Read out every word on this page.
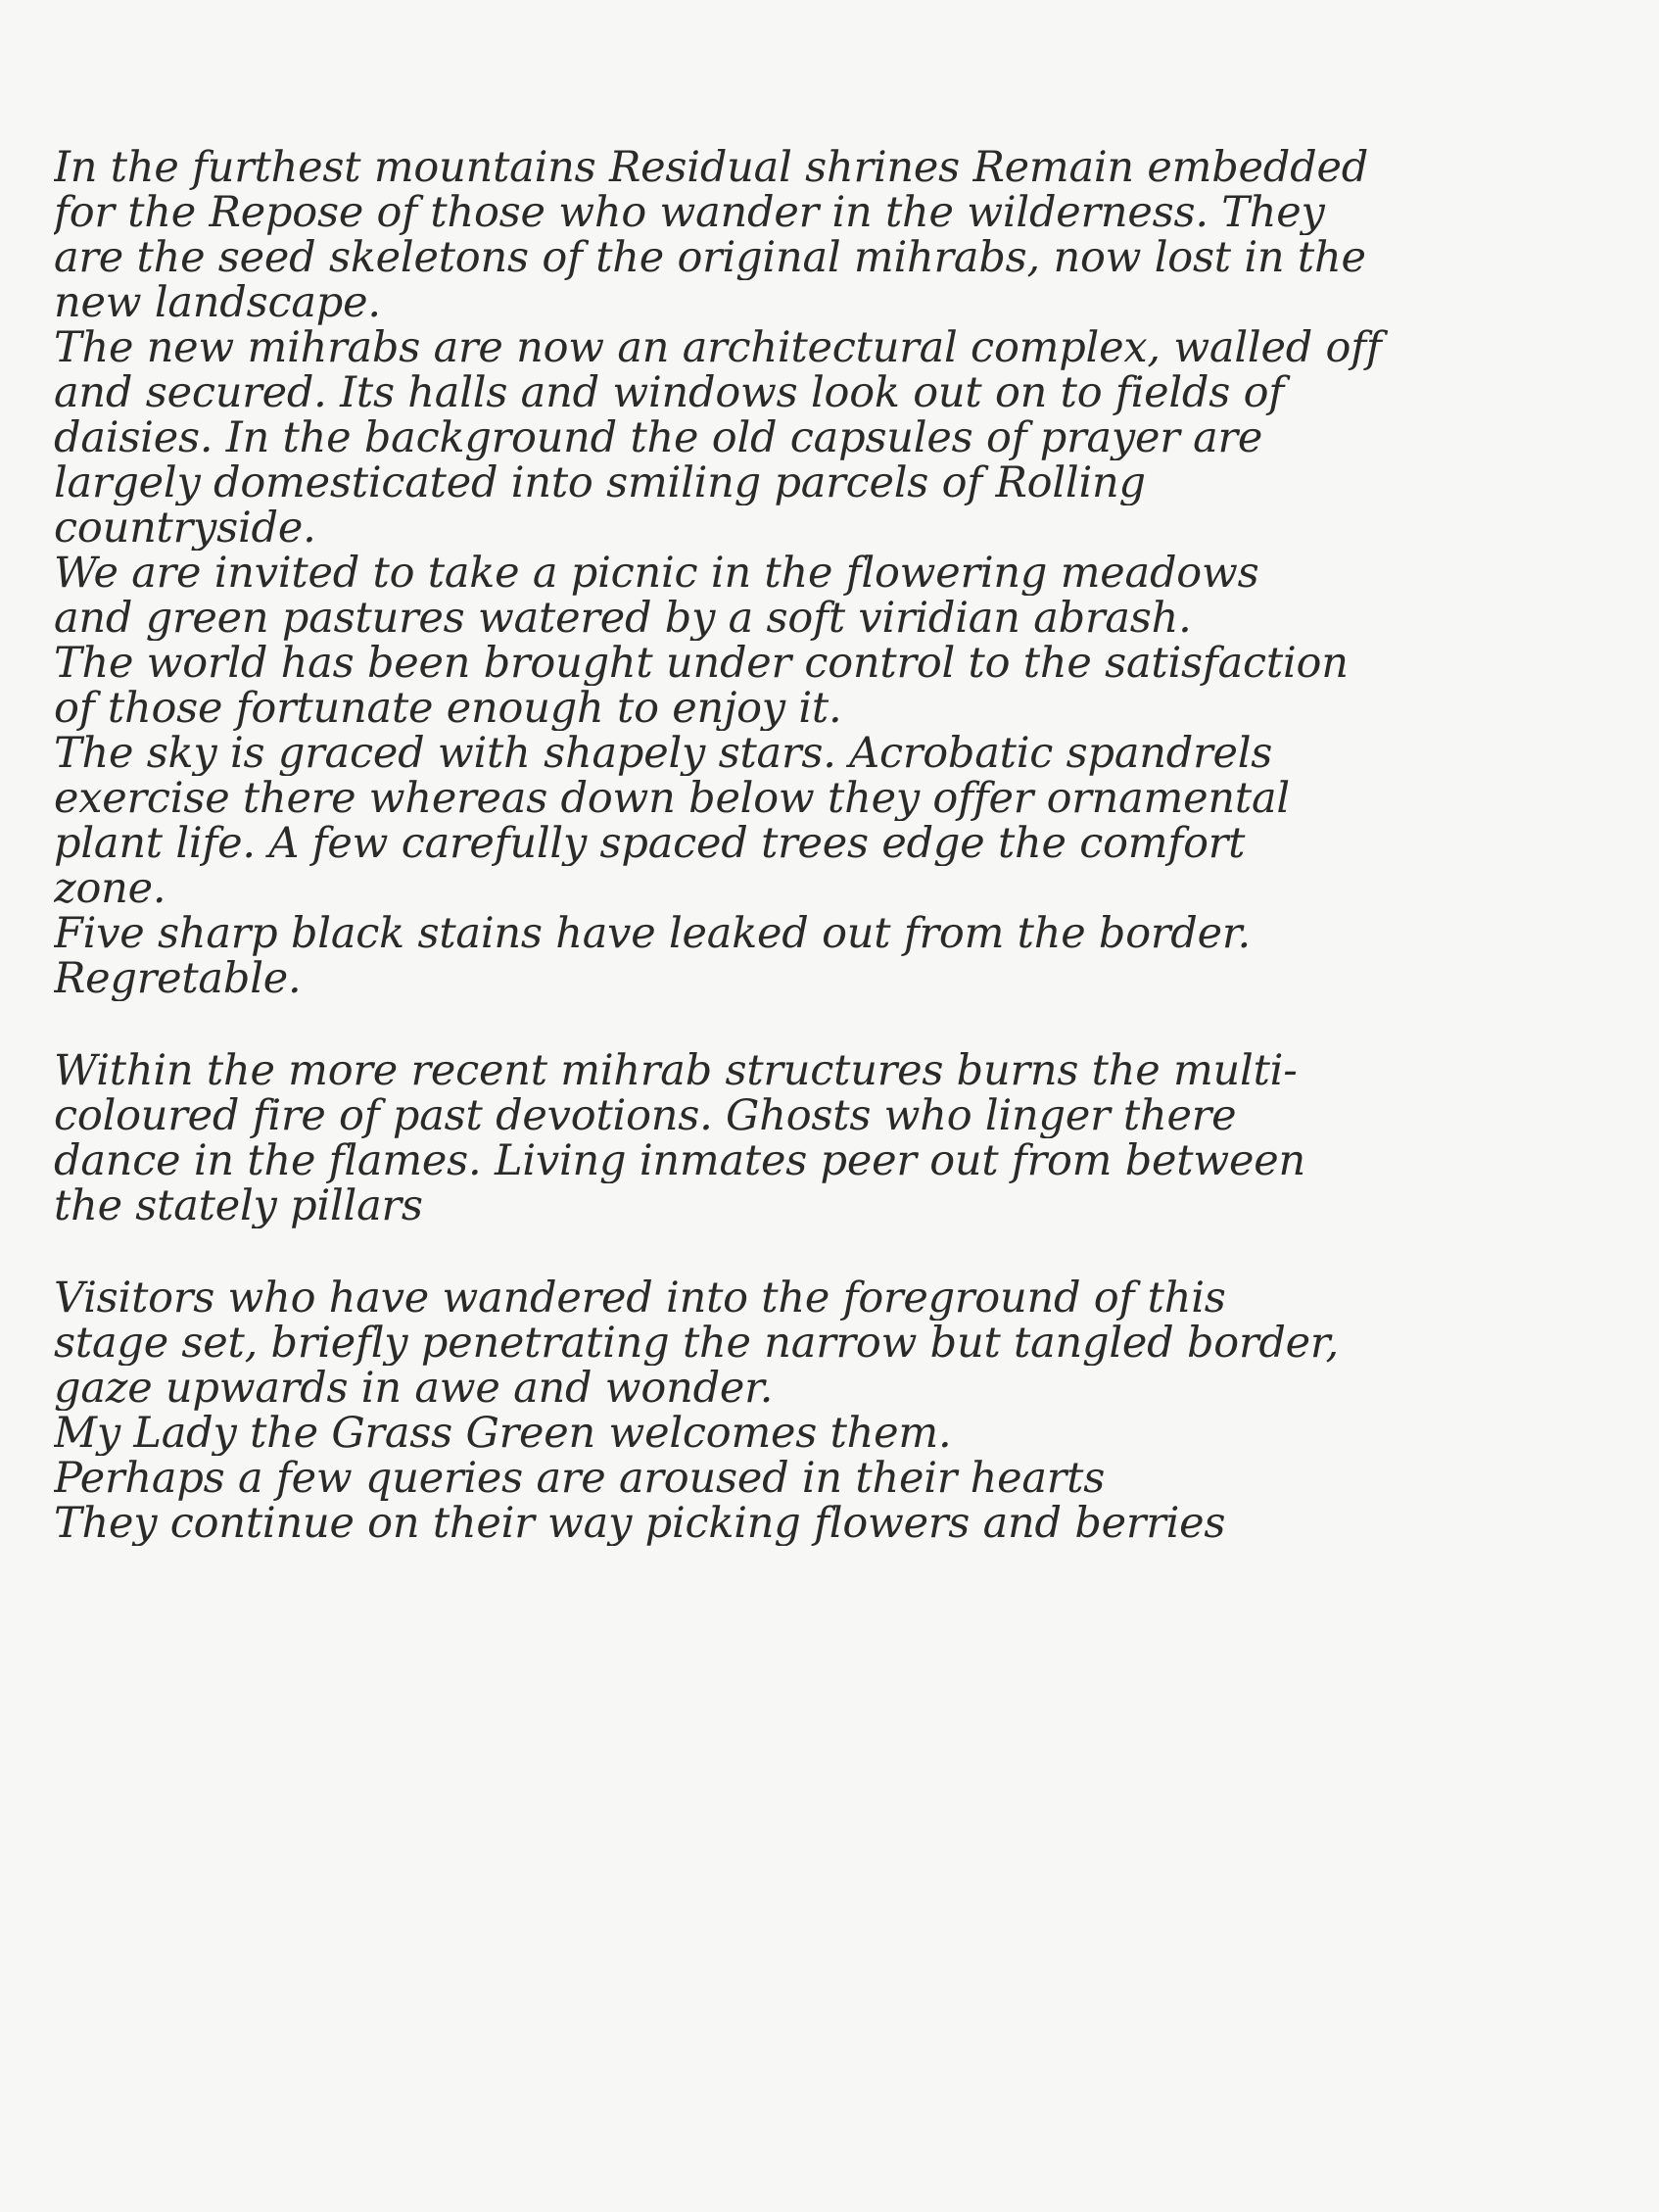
In the furthest mountains Residual shrines Remain embedded
for the Repose of those who wander in the wilderness. They
are the seed skeletons of the original mihrabs, now lost in the
new landscape.
The new mihrabs are now an architectural complex, walled off
and secured. Its halls and windows look out on to fields of
daisies. In the background the old capsules of prayer are
largely domesticated into smiling parcels of Rolling
countryside.
We are invited to take a picnic in the flowering meadows
and green pastures watered by a soft viridian abrash.
The world has been brought under control to the satisfaction
of those fortunate enough to enjoy it.
The sky is graced with shapely stars. Acrobatic spandrels
exercise there whereas down below they offer ornamental
plant life. A few carefully spaced trees edge the comfort
zone.
Five sharp black stains have leaked out from the border.
Regretable.
Within the more recent mihrab structures burns the multi-
coloured fire of past devotions. Ghosts who linger there
dance in the flames. Living inmates peer out from between
the stately pillars
Visitors who have wandered into the foreground of this
stage set, briefly penetrating the narrow but tangled border,
gaze upwards in awe and wonder.
My Lady the Grass Green welcomes them.
Perhaps a few queries are aroused in their hearts
They continue on their way picking flowers and berries
